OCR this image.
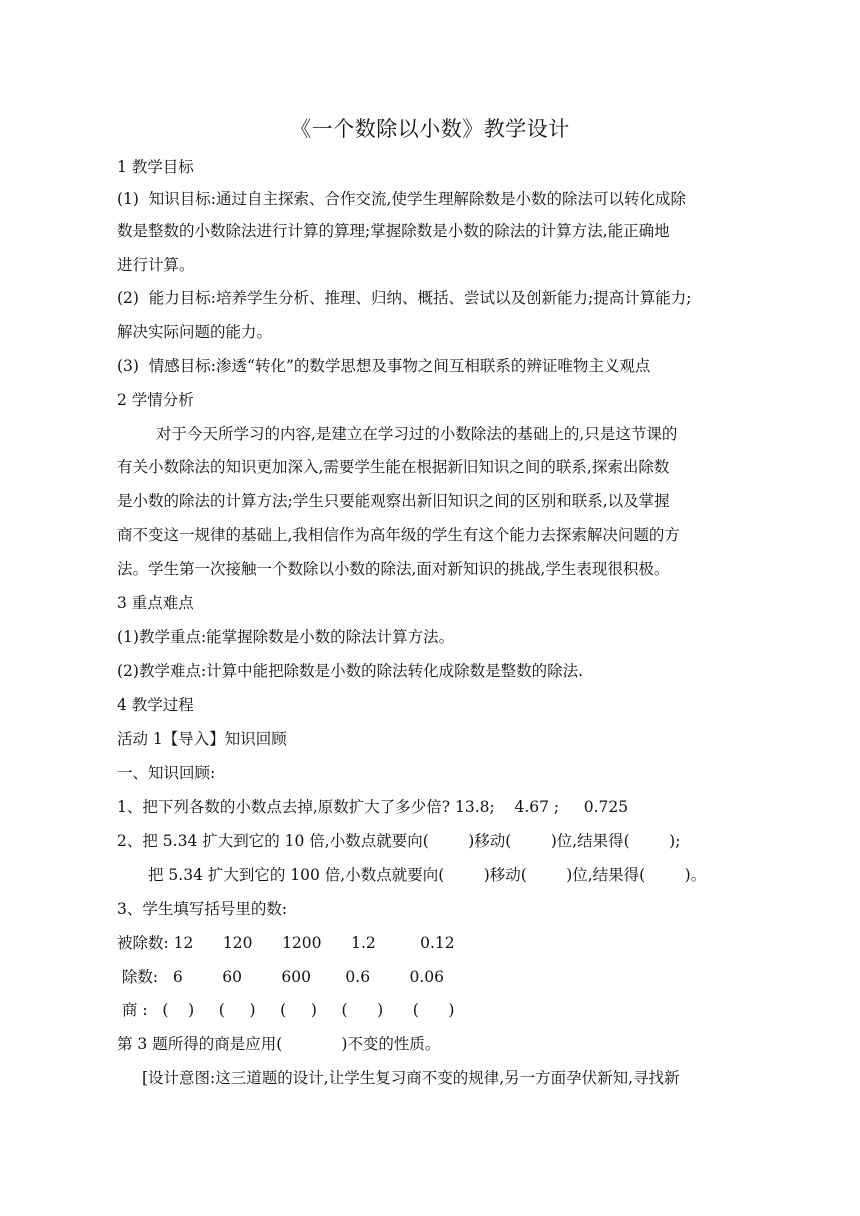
《一个数除以小数》教学设计
1 教学目标
(1)  知识目标:通过自主探索、合作交流,使学生理解除数是小数的除法可以转化成除
数是整数的小数除法进行计算的算理;掌握除数是小数的除法的计算方法,能正确地
进行计算。
(2)  能力目标:培养学生分析、推理、归纳、概括、尝试以及创新能力;提高计算能力;
解决实际问题的能力。
(3)  情感目标:渗透“转化”的数学思想及事物之间互相联系的辨证唯物主义观点
2 学情分析
对于今天所学习的内容,是建立在学习过的小数除法的基础上的,只是这节课的
有关小数除法的知识更加深入,需要学生能在根据新旧知识之间的联系,探索出除数
是小数的除法的计算方法;学生只要能观察出新旧知识之间的区别和联系,以及掌握
商不变这一规律的基础上,我相信作为高年级的学生有这个能力去探索解决问题的方
法。学生第一次接触一个数除以小数的除法,面对新知识的挑战,学生表现很积极。
3 重点难点
(1)教学重点:能掌握除数是小数的除法计算方法。
(2)教学难点:计算中能把除数是小数的除法转化成除数是整数的除法.
4 教学过程
活动 1【导入】知识回顾
一、知识回顾:
1、把下列各数的小数点去掉,原数扩大了多少倍? 13.8;    4.67 ;     0.725
2、把 5.34 扩大到它的 10 倍,小数点就要向(        )移动(        )位,结果得(        );
把 5.34 扩大到它的 100 倍,小数点就要向(        )移动(        )位,结果得(        )。
3、学生填写括号里的数:
被除数: 12      120      1200      1.2         0.12
除数:   6        60        600       0.6        0.06
商 :   (    )     (     )     (     )     (      )      (      )
第 3 题所得的商是应用(            )不变的性质。
[设计意图:这三道题的设计,让学生复习商不变的规律,另一方面孕伏新知,寻找新
